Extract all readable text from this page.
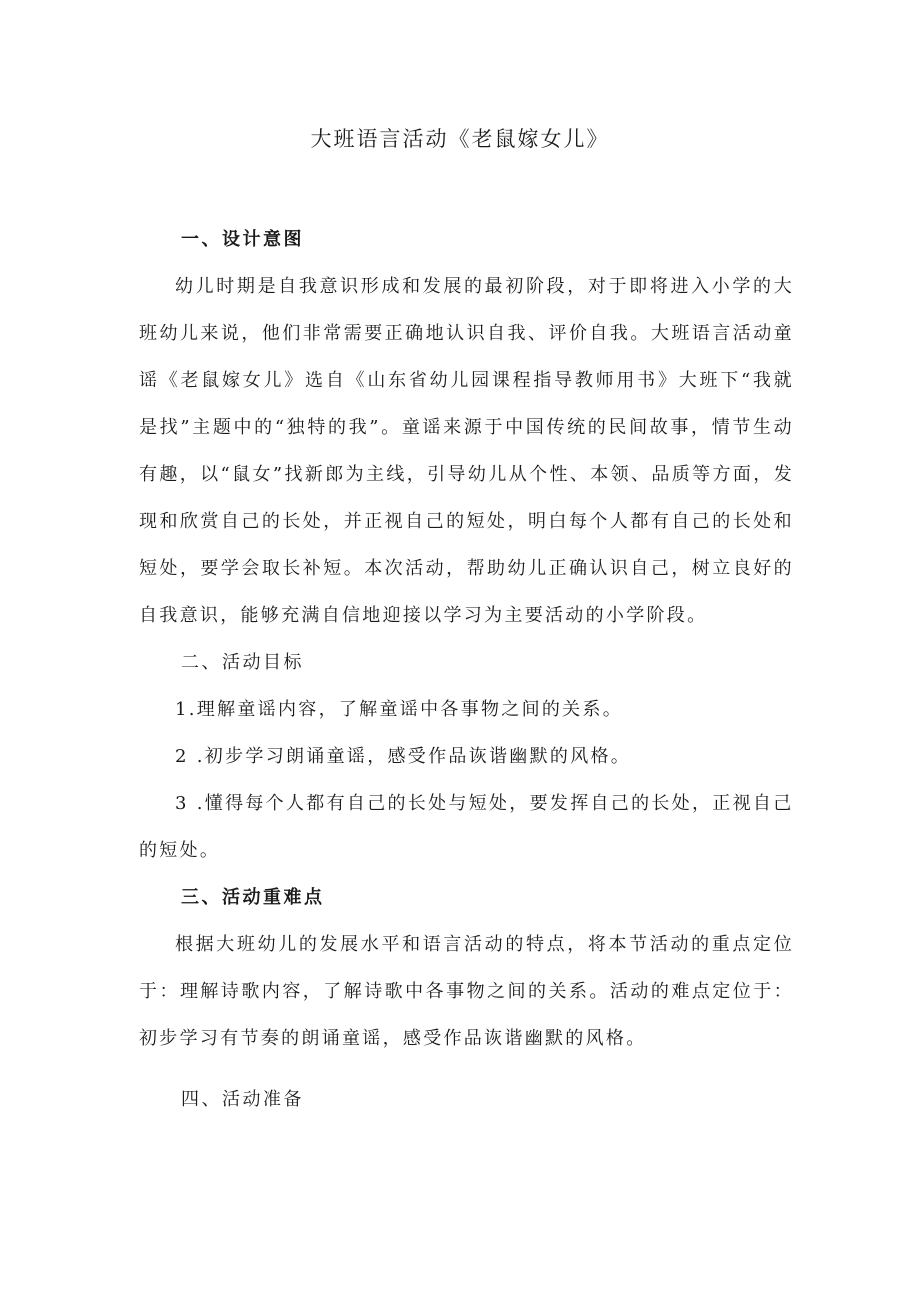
大班语言活动《老鼠嫁女儿》
一、设计意图

幼儿时期是自我意识形成和发展的最初阶段，对于即将进入小学的大班幼儿来说，他们非常需要正确地认识自我、评价自我。大班语言活动童谣《老鼠嫁女儿》选自《山东省幼儿园课程指导教师用书》大班下“我就是找”主题中的“独特的我”。童谣来源于中国传统的民间故事，情节生动有趣，以“鼠女”找新郎为主线，引导幼儿从个性、本领、品质等方面，发现和欣赏自己的长处，并正视自己的短处，明白每个人都有自己的长处和短处，要学会取长补短。本次活动，帮助幼儿正确认识自己，树立良好的自我意识，能够充满自信地迎接以学习为主要活动的小学阶段。

二、活动目标

1.理解童谣内容，了解童谣中各事物之间的关系。

2 .初步学习朗诵童谣，感受作品诙谐幽默的风格。

3 .懂得每个人都有自己的长处与短处，要发挥自己的长处，正视自己的短处。

三、活动重难点

根据大班幼儿的发展水平和语言活动的特点，将本节活动的重点定位于：理解诗歌内容，了解诗歌中各事物之间的关系。活动的难点定位于：初步学习有节奏的朗诵童谣，感受作品诙谐幽默的风格。

四、活动准备
